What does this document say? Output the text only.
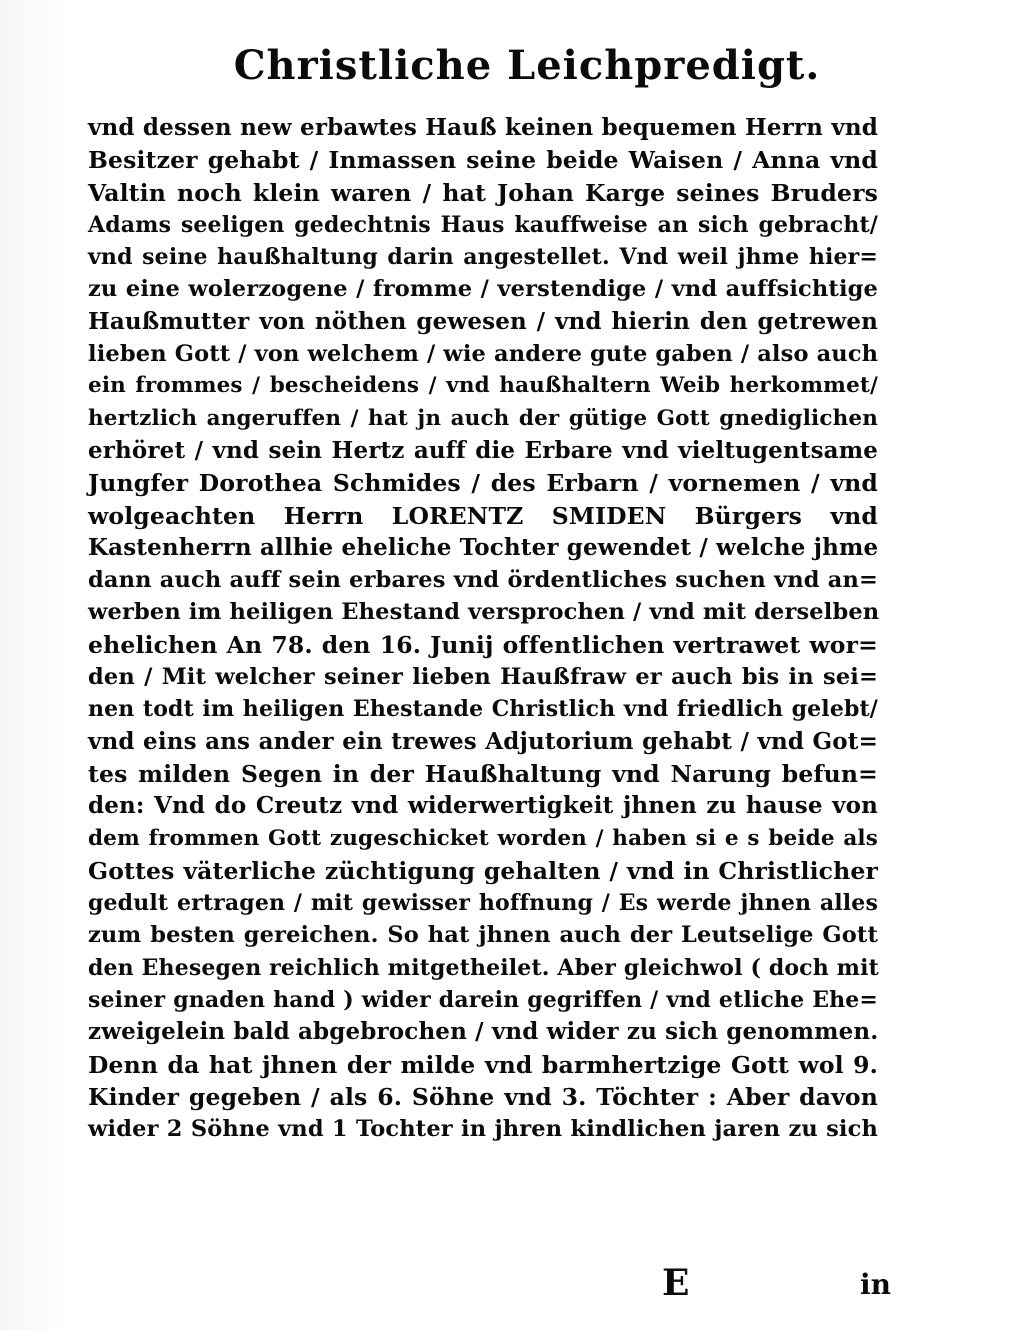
Christliche Leichpredigt.
vnd dessen new erbawtes Hauß keinen bequemen Herrn vnd
Besitzer gehabt / Inmassen seine beide Waisen / Anna vnd
Valtin noch klein waren / hat Johan Karge seines Bruders
Adams seeligen gedechtnis Haus kauffweise an sich gebracht/
vnd seine haußhaltung darin angestellet. Vnd weil jhme hier=
zu eine wolerzogene / fromme / verstendige / vnd auffsichtige
Haußmutter von nöthen gewesen / vnd hierin den getrewen
lieben Gott / von welchem / wie andere gute gaben / also auch
ein frommes / bescheidens / vnd haußhaltern Weib herkommet/
hertzlich angeruffen / hat jn auch der gütige Gott gnediglichen
erhöret / vnd sein Hertz auff die Erbare vnd vieltugentsame
Jungfer Dorothea Schmides / des Erbarn / vornemen / vnd
wolgeachten Herrn LORENTZ SMIDEN Bürgers vnd
Kastenherrn allhie eheliche Tochter gewendet / welche jhme
dann auch auff sein erbares vnd ördentliches suchen vnd an=
werben im heiligen Ehestand versprochen / vnd mit derselben
ehelichen An 78. den 16. Junij offentlichen vertrawet wor=
den / Mit welcher seiner lieben Haußfraw er auch bis in sei=
nen todt im heiligen Ehestande Christlich vnd friedlich gelebt/
vnd eins ans ander ein trewes Adjutorium gehabt / vnd Got=
tes milden Segen in der Haußhaltung vnd Narung befun=
den: Vnd do Creutz vnd widerwertigkeit jhnen zu hause von
dem frommen Gott zugeschicket worden / haben si e s beide als
Gottes väterliche züchtigung gehalten / vnd in Christlicher
gedult ertragen / mit gewisser hoffnung / Es werde jhnen alles
zum besten gereichen. So hat jhnen auch der Leutselige Gott
den Ehesegen reichlich mitgetheilet. Aber gleichwol ( doch mit
seiner gnaden hand ) wider darein gegriffen / vnd etliche Ehe=
zweigelein bald abgebrochen / vnd wider zu sich genommen.
Denn da hat jhnen der milde vnd barmhertzige Gott wol 9.
Kinder gegeben / als 6. Söhne vnd 3. Töchter : Aber davon
wider 2 Söhne vnd 1 Tochter in jhren kindlichen jaren zu sich
E	in
